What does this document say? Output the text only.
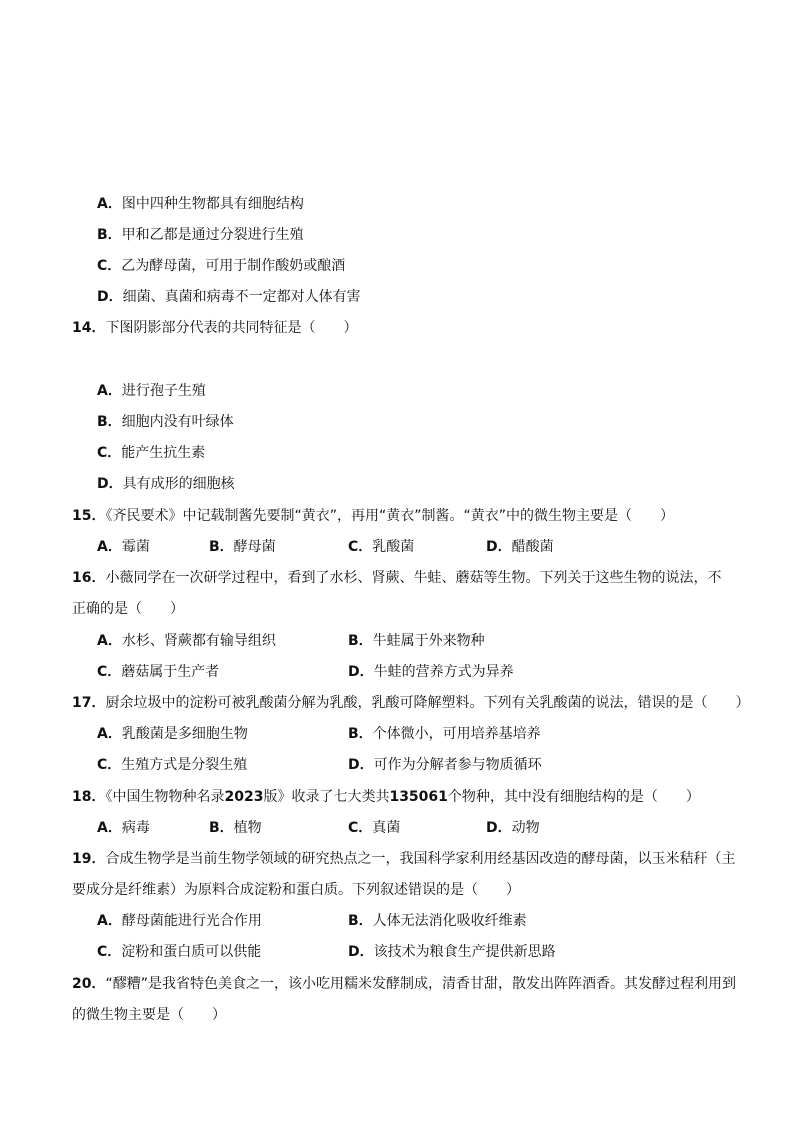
A．图中四种生物都具有细胞结构
B．甲和乙都是通过分裂进行生殖
C．乙为酵母菌，可用于制作酸奶或酿酒
D．细菌、真菌和病毒不一定都对人体有害
14．下图阴影部分代表的共同特征是（　　）
A．进行孢子生殖
B．细胞内没有叶绿体
C．能产生抗生素
D．具有成形的细胞核
15．《齐民要术》中记载制酱先要制“黄衣”，再用“黄衣”制酱。“黄衣”中的微生物主要是（　　）
A．霉菌	B．酵母菌	C．乳酸菌	D．醋酸菌
16．小薇同学在一次研学过程中，看到了水杉、肾蕨、牛蛙、蘑菇等生物。下列关于这些生物的说法，不
正确的是（　　）
A．水杉、肾蕨都有输导组织	B．牛蛙属于外来物种
C．蘑菇属于生产者	D．牛蛙的营养方式为异养
17．厨余垃圾中的淀粉可被乳酸菌分解为乳酸，乳酸可降解塑料。下列有关乳酸菌的说法，错误的是（　　）
A．乳酸菌是多细胞生物	B．个体微小，可用培养基培养
C．生殖方式是分裂生殖	D．可作为分解者参与物质循环
18．《中国生物物种名录2023版》收录了七大类共135061个物种，其中没有细胞结构的是（　　）
A．病毒	B．植物	C．真菌	D．动物
19．合成生物学是当前生物学领域的研究热点之一，我国科学家利用经基因改造的酵母菌，以玉米秸秆（主
要成分是纤维素）为原料合成淀粉和蛋白质。下列叙述错误的是（　　）
A．酵母菌能进行光合作用	B．人体无法消化吸收纤维素
C．淀粉和蛋白质可以供能	D．该技术为粮食生产提供新思路
20．“醪糟”是我省特色美食之一，该小吃用糯米发酵制成，清香甘甜，散发出阵阵酒香。其发酵过程利用到
的微生物主要是（　　）
